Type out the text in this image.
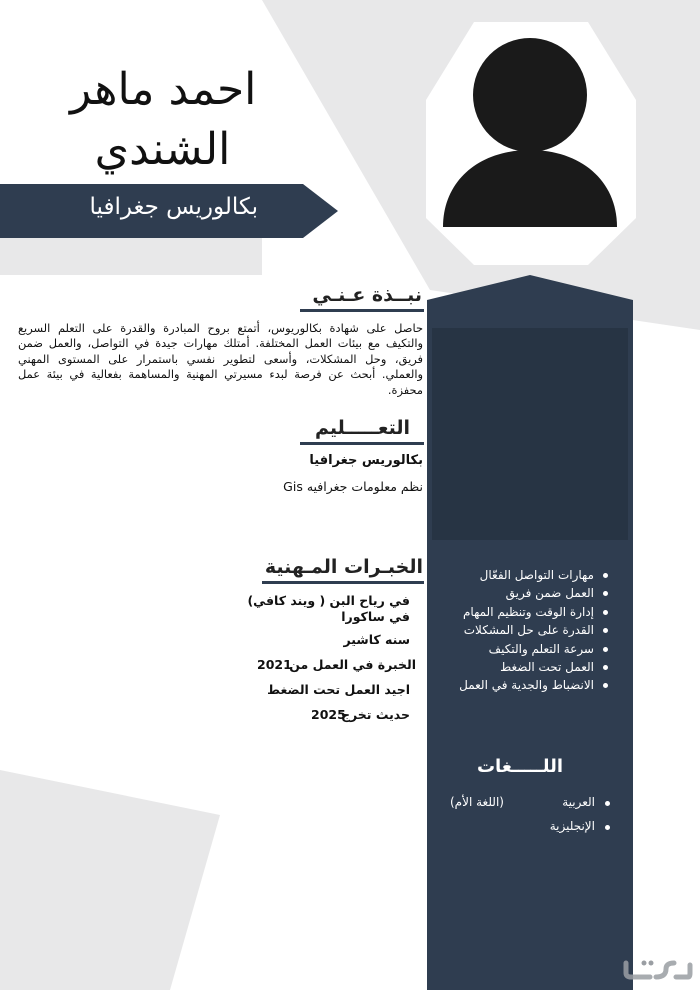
احمد ماهر
الشندي
بكالوريس جغرافيا
نبــذة عـنـي
حاصل على شهادة بكالوريوس، أتمتع بروح المبادرة والقدرة على التعلم السريع والتكيف مع بيئات العمل المختلفة. أمتلك مهارات جيدة في التواصل، والعمل ضمن فريق، وحل المشكلات، وأسعى لتطوير نفسي باستمرار على المستوى المهني والعملي. أبحث عن فرصة لبدء مسيرتي المهنية والمساهمة بفعالية في بيئة عمل محفزة.
التعـــــليم
بكالوريس جغرافيا
نظم معلومات جغرافيه Gis
الخبـرات المـهنية
في رياح البن ( ويند كافي)
في ساكورا
سنه كاشير
الخبرة في العمل من
2021
اجيد العمل تحت الضغط
حديث تخرج
2025
مهارات التواصل الفعّال
العمل ضمن فريق
إدارة الوقت وتنظيم المهام
القدرة على حل المشكلات
سرعة التعلم والتكيف
العمل تحت الضغط
الانضباط والجدية في العمل
اللـــــغات
العربية
(اللغة الأم)
الإنجليزية
